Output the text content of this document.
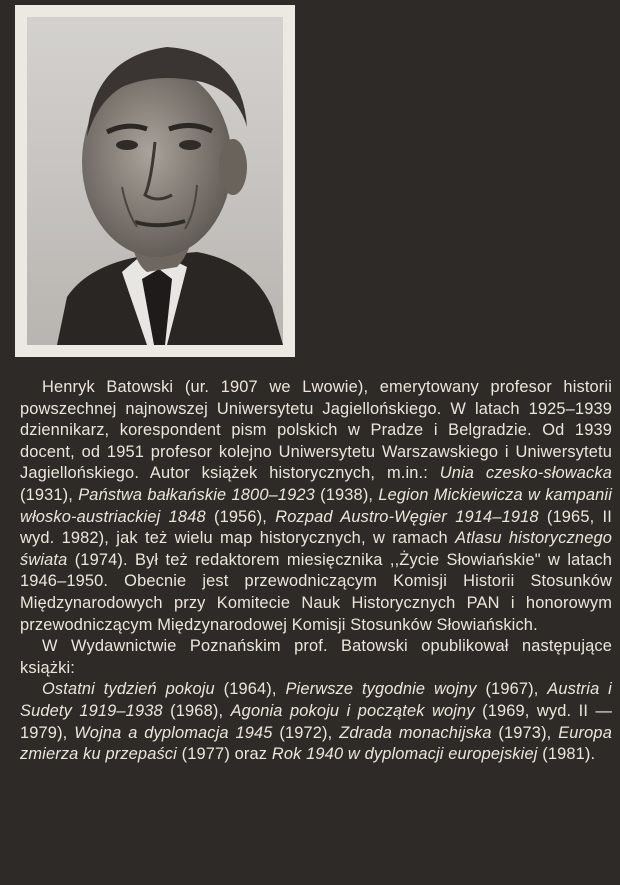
Henryk Batowski (ur. 1907 we Lwowie), emerytowany profesor historii powszechnej najnowszej Uniwersytetu Jagiellońskiego. W latach 1925–1939 dziennikarz, korespondent pism polskich w Pradze i Belgradzie. Od 1939 docent, od 1951 profesor kolejno Uniwersytetu Warszawskiego i Uniwersytetu Jagiellońskiego. Autor książek historycznych, m.in.: Unia czesko-słowacka (1931), Państwa bałkańskie 1800–1923 (1938), Legion Mickiewicza w kampanii włosko-austriackiej 1848 (1956), Rozpad Austro-Węgier 1914–1918 (1965, II wyd. 1982), jak też wielu map historycznych, w ramach Atlasu historycznego świata (1974). Był też redaktorem miesięcznika ,,Życie Słowiańskie" w latach 1946–1950. Obecnie jest przewodniczącym Komisji Historii Stosunków Międzynarodowych przy Komitecie Nauk Historycznych PAN i honorowym przewodniczącym Międzynarodowej Komisji Stosunków Słowiańskich.

W Wydawnictwie Poznańskim prof. Batowski opublikował następujące książki:

Ostatni tydzień pokoju (1964), Pierwsze tygodnie wojny (1967), Austria i Sudety 1919–1938 (1968), Agonia pokoju i początek wojny (1969, wyd. II — 1979), Wojna a dyplomacja 1945 (1972), Zdrada monachijska (1973), Europa zmierza ku przepaści (1977) oraz Rok 1940 w dyplomacji europejskiej (1981).
